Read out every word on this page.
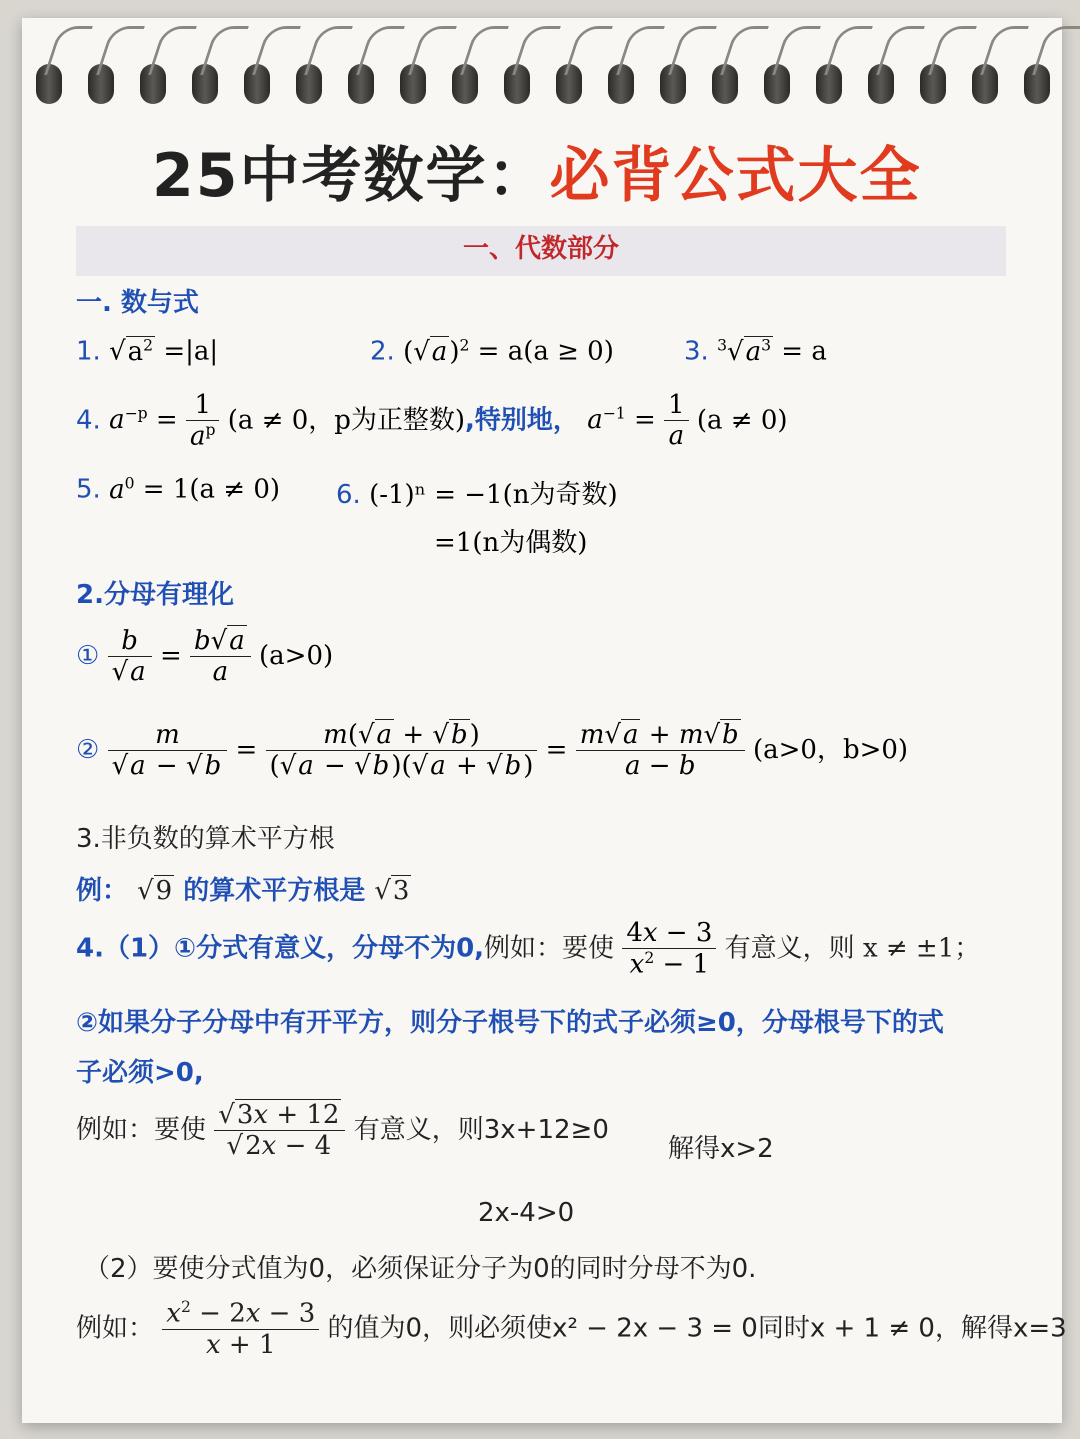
25中考数学：必背公式大全
一、代数部分
一. 数与式
1. $√a^2 =|a|$	2. $(√a)^2 = a(a \ge 0)$	3. $^3√a^3 = a$
4. $a^{-p} = \frac{1}{a^p} (a \ne 0$，p为正整数),特别地， $a^{-1} = \frac{1}{a} (a \ne 0)$
5. $a^0 = 1(a \ne 0)$ 6. (-1)ⁿ = −1(n为奇数)
=1(n为偶数)
2.分母有理化
① $\frac{b}{√a} = \frac{b√a}{a} (a>0)$
② $\frac{m}{√a - √b} = \frac{m(√a + √b)}{(√a - √b)(√a + √b)} = \frac{m√a + m√b}{a - b} (a>0$，b>0)
3.非负数的算术平方根
例： √9 的算术平方根是 √3
4.（1）①分式有意义，分母不为0,例如：要使 $\frac{4x - 3}{x^2 - 1}$ 有意义，则 x ≠ ±1；
②如果分子分母中有开平方，则分子根号下的式子必须≥0，分母根号下的式
子必须>0,
例如：要使 $\frac{√3x + 12}{√2x - 4}$ 有意义，则3x+12≥0
解得x>2
2x-4>0
（2）要使分式值为0，必须保证分子为0的同时分母不为0.
例如： $\frac{x^2 - 2x - 3}{x + 1}$ 的值为0，则必须使x² − 2x − 3 = 0同时x + 1 ≠ 0，解得x=3
